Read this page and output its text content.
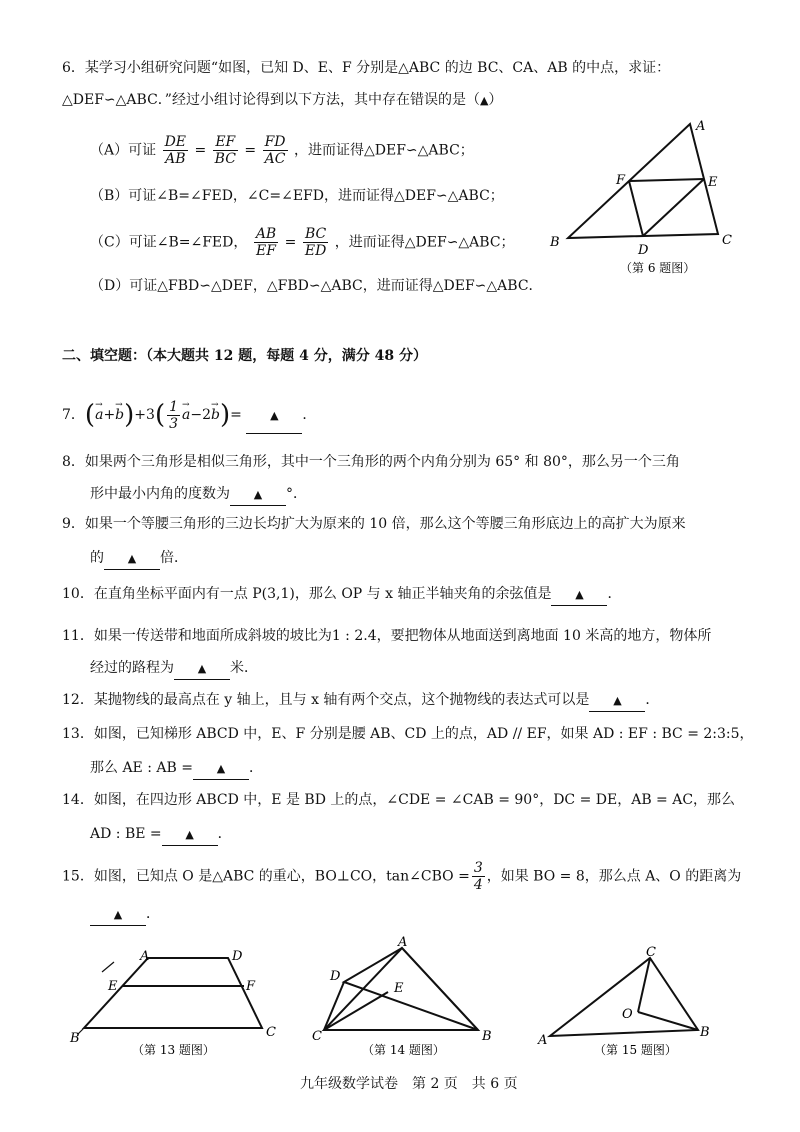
6．某学习小组研究问题“如图，已知 D、E、F 分别是△ABC 的边 BC、CA、AB 的中点，求证：
△DEF∽△ABC．”经过小组讨论得到以下方法，其中存在错误的是（▲）
（A）可证 $\frac{DE}{AB} = \frac{EF}{BC} = \frac{FD}{AC}$ ，进而证得△DEF∽△ABC；
（B）可证∠B=∠FED，∠C=∠EFD，进而证得△DEF∽△ABC；
（C）可证∠B=∠FED， $\frac{AB}{EF} = \frac{BC}{ED}$ ，进而证得△DEF∽△ABC；
（D）可证△FBD∽△DEF，△FBD∽△ABC，进而证得△DEF∽△ABC．
A
B	C
D
E
F
（第 6 题图）
二、填空题：（本大题共 12 题，每题 4 分，满分 48 分）
7．(→ $a+\to b)+3( \frac{1}{3}$
→ a−2→ b)=	▲ ．
8．如果两个三角形是相似三角形，其中一个三角形的两个内角分别为 65° 和 80°，那么另一个三角
形中最小内角的度数为 ▲ °．
9．如果一个等腰三角形的三边长均扩大为原来的 10 倍，那么这个等腰三角形底边上的高扩大为原来
的 ▲ 倍．
10．在直角坐标平面内有一点 P(3,1)，那么 OP 与 x 轴正半轴夹角的余弦值是 ▲ ．
11．如果一传送带和地面所成斜坡的坡比为1 : 2.4，要把物体从地面送到离地面 10 米高的地方，物体所
经过的路程为 ▲ 米．
12．某抛物线的最高点在 y 轴上，且与 x 轴有两个交点，这个抛物线的表达式可以是 ▲ ．
13．如图，已知梯形 ABCD 中，E、F 分别是腰 AB、CD 上的点，AD // EF，如果 AD : EF : BC = 2:3:5，
那么 AE : AB = ▲ ．
14．如图，在四边形 ABCD 中，E 是 BD 上的点，∠CDE = ∠CAB = 90°，DC = DE，AB = AC，那么
AD : BE = ▲ ．
15．如图，已知点 O 是△ABC 的重心，BO⊥CO，tan∠CBO = $\frac{3}{4}$ ，如果 BO = 8，那么点 A、O 的距离为
▲ ．
A	D
E	F
B	C
（第 13 题图）
A
D
E
C	B
（第 14 题图）
C
O
B
A
（第 15 题图）
九年级数学试卷　第 2 页　共 6 页
